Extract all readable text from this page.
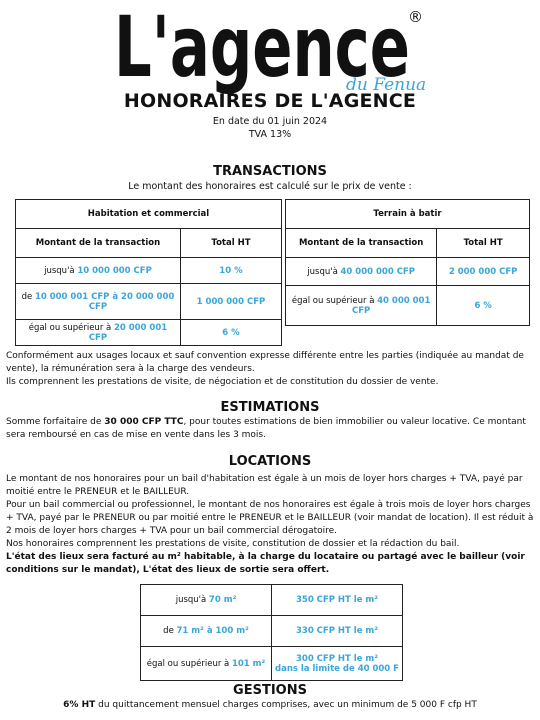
L'agence
du Fenua
®
HONORAIRES DE L'AGENCE
En date du 01 juin 2024
TVA 13%
TRANSACTIONS
Le montant des honoraires est calculé sur le prix de vente :
Habitation et commercial	
Montant de la transaction	Total HT
jusqu'à 10 000 000 CFP	10 %
de 10 000 001 CFP à 20 000 000 CFP	1 000 000 CFP
égal ou supérieur à 20 000 001 CFP	6 %
Terrain à batir	
Montant de la transaction	Total HT
jusqu'à 40 000 000 CFP	2 000 000 CFP
égal ou supérieur à 40 000 001 CFP	6 %

Conformément aux usages locaux et sauf convention expresse différente entre les parties (indiquée au mandat de vente), la rémunération sera à la charge des vendeurs.

Ils comprennent les prestations de visite, de négociation et de constitution du dossier de vente.

ESTIMATIONS

Somme forfaitaire de 30 000 CFP TTC, pour toutes estimations de bien immobilier ou valeur locative. Ce montant sera remboursé en cas de mise en vente dans les 3 mois.

LOCATIONS

Le montant de nos honoraires pour un bail d'habitation est égale à un mois de loyer hors charges + TVA, payé par moitié entre le PRENEUR et le BAILLEUR.

Pour un bail commercial ou professionnel, le montant de nos honoraires est égale à trois mois de loyer hors charges + TVA, payé par le PRENEUR ou par moitié entre le PRENEUR et le BAILLEUR (voir mandat de location). Il est réduit à 2 mois de loyer hors charges + TVA pour un bail commercial dérogatoire.

Nos honoraires comprennent les prestations de visite, constitution de dossier et la rédaction du bail.

L'état des lieux sera facturé au m² habitable, à la charge du locataire ou partagé avec le bailleur (voir conditions sur le mandat), L'état des lieux de sortie sera offert.

jusqu'à 70 m²	350 CFP HT le m²
de 71 m² à 100 m²	330 CFP HT le m²
égal ou supérieur à 101 m²	300 CFP HT le m²
dans la limite de 40 000 F
GESTIONS
6% HT du quittancement mensuel charges comprises, avec un minimum de 5 000 F cfp HT
